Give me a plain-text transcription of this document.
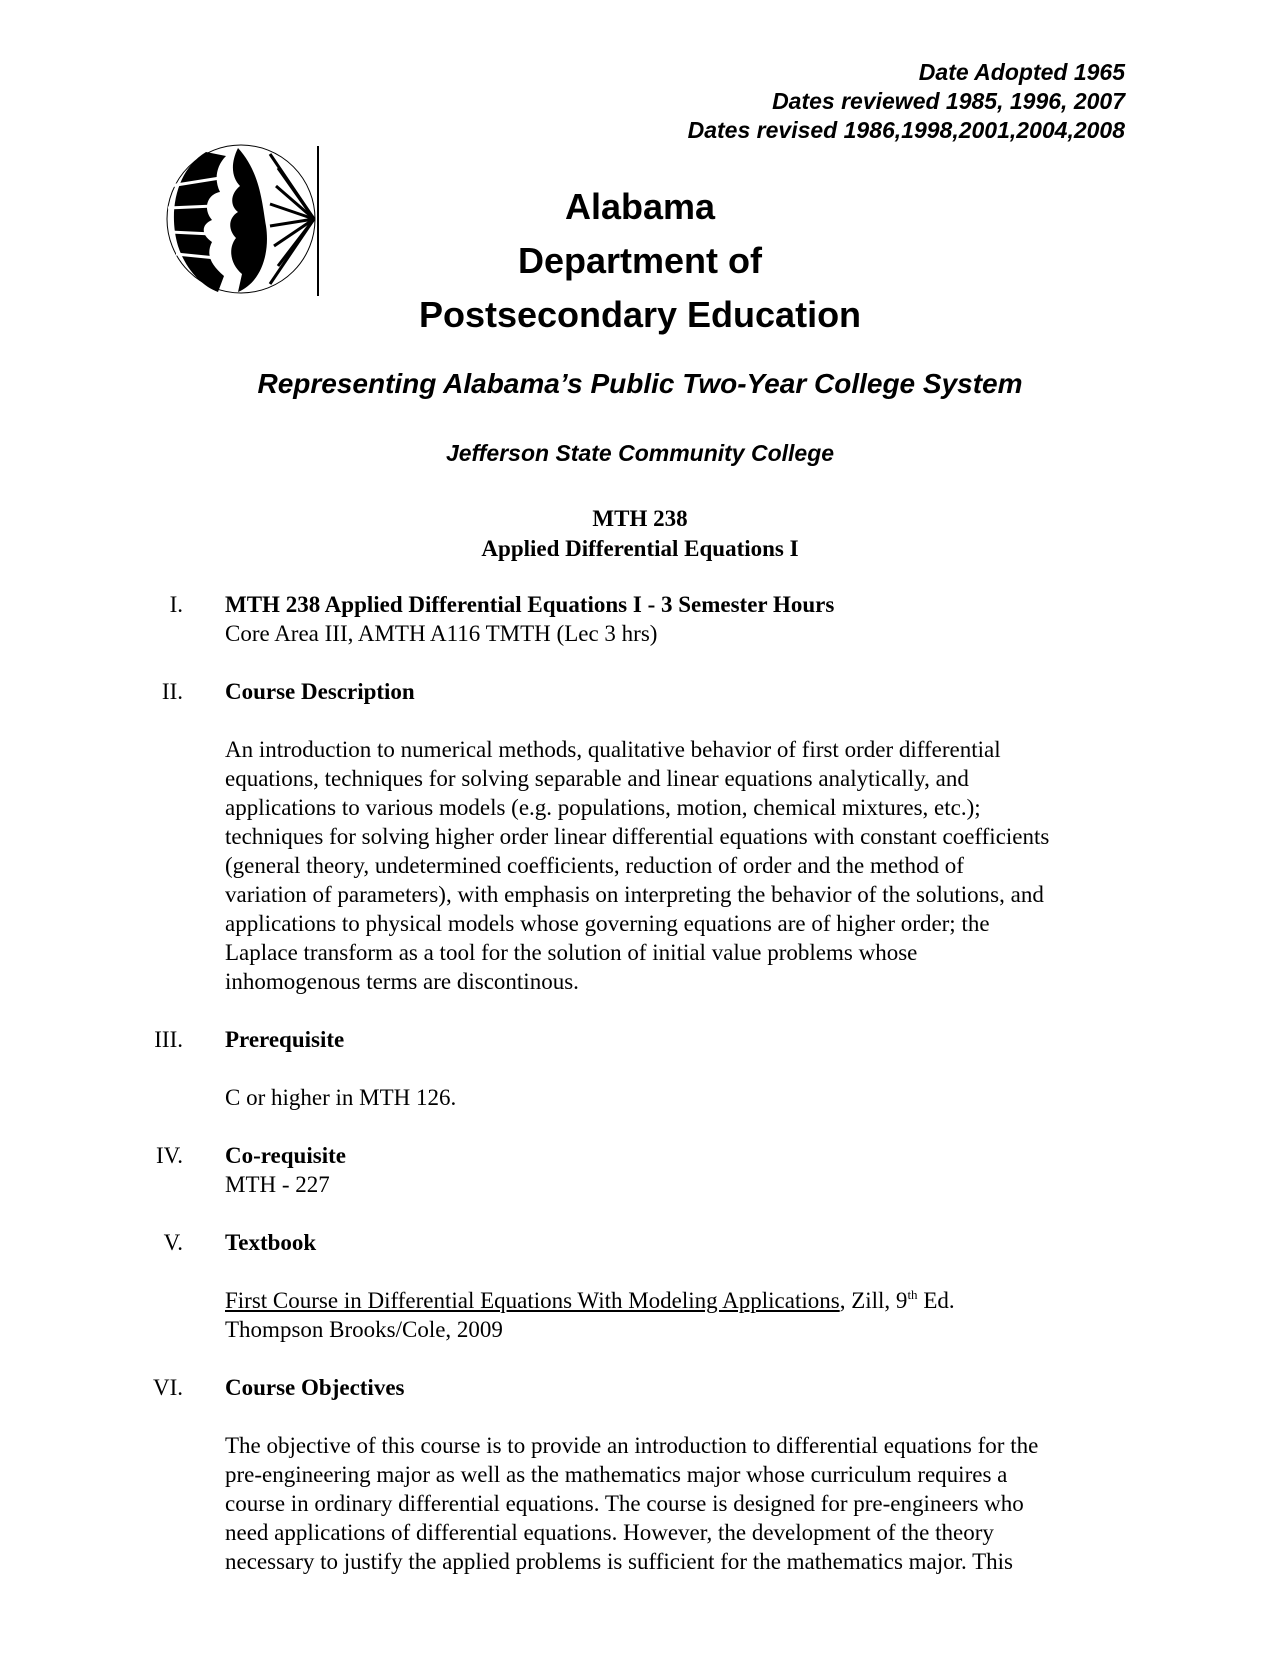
Date Adopted 1965
Dates reviewed 1985, 1996, 2007
Dates revised 1986,1998,2001,2004,2008
Alabama
Department of
Postsecondary Education
Representing Alabama’s Public Two-Year College System
Jefferson State Community College
MTH 238
Applied Differential Equations I
I. MTH 238 Applied Differential Equations I - 3 Semester Hours
Core Area III, AMTH A116 TMTH (Lec 3 hrs)
II. Course Description
An introduction to numerical methods, qualitative behavior of first order differential
equations, techniques for solving separable and linear equations analytically, and
applications to various models (e.g. populations, motion, chemical mixtures, etc.);
techniques for solving higher order linear differential equations with constant coefficients
(general theory, undetermined coefficients, reduction of order and the method of
variation of parameters), with emphasis on interpreting the behavior of the solutions, and
applications to physical models whose governing equations are of higher order; the
Laplace transform as a tool for the solution of initial value problems whose
inhomogenous terms are discontinous.
III. Prerequisite
C or higher in MTH 126.
IV. Co-requisite
MTH - 227
V. Textbook
First Course in Differential Equations With Modeling Applications, Zill, 9th Ed.
Thompson Brooks/Cole, 2009
VI. Course Objectives
The objective of this course is to provide an introduction to differential equations for the
pre-engineering major as well as the mathematics major whose curriculum requires a
course in ordinary differential equations. The course is designed for pre-engineers who
need applications of differential equations. However, the development of the theory
necessary to justify the applied problems is sufficient for the mathematics major. This
